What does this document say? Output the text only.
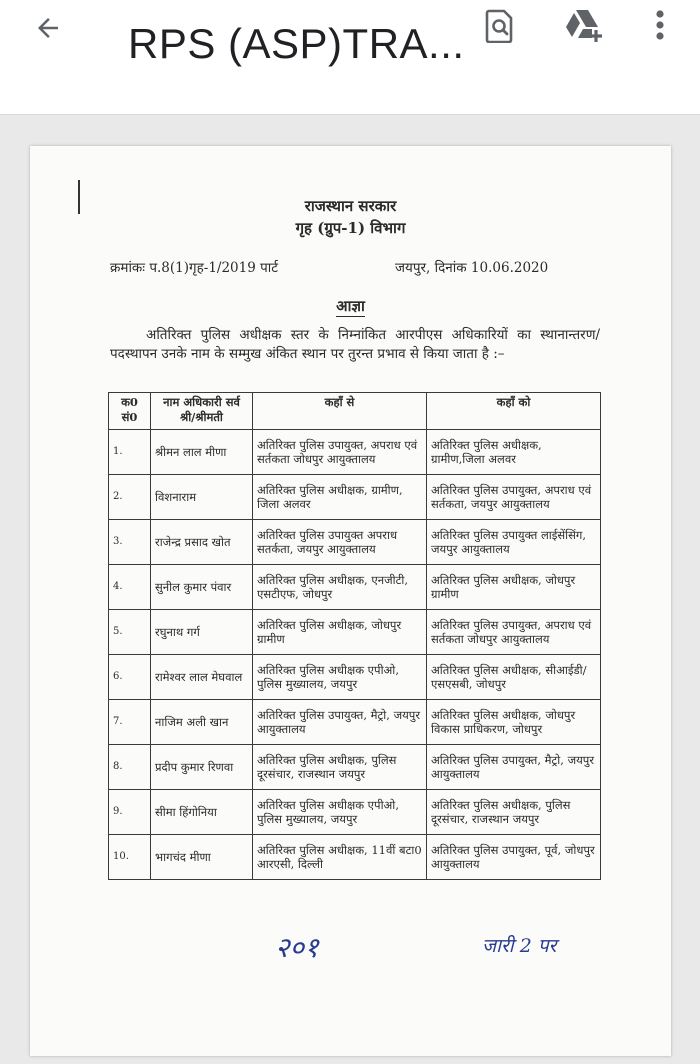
RPS (ASP)TRA...
राजस्थान सरकार
गृह (ग्रुप-1) विभाग
क्रमांकः प.8(1)गृह-1/2019 पार्ट	जयपुर, दिनांक 10.06.2020
आज्ञा
अतिरिक्त पुलिस अधीक्षक स्तर के निम्नांकित आरपीएस अधिकारियों का स्थानान्तरण/पदस्थापन उनके नाम के सम्मुख अंकित स्थान पर तुरन्त प्रभाव से किया जाता है :–
क0 सं0	नाम अधिकारी सर्व श्री/श्रीमती	कहाँ से	कहाँ को
1.	श्रीमन लाल मीणा	अतिरिक्त पुलिस उपायुक्त, अपराध एवं सर्तकता जोधपुर आयुक्तालय	अतिरिक्त पुलिस अधीक्षक, ग्रामीण,जिला अलवर
2.	विशनाराम	अतिरिक्त पुलिस अधीक्षक, ग्रामीण, जिला अलवर	अतिरिक्त पुलिस उपायुक्त, अपराध एवं सर्तकता, जयपुर आयुक्तालय
3.	राजेन्द्र प्रसाद खोत	अतिरिक्त पुलिस उपायुक्त अपराध सतर्कता, जयपुर आयुक्तालय	अतिरिक्त पुलिस उपायुक्त लाईसेंसिंग, जयपुर आयुक्तालय
4.	सुनील कुमार पंवार	अतिरिक्त पुलिस अधीक्षक, एनजीटी, एसटीएफ, जोधपुर	अतिरिक्त पुलिस अधीक्षक, जोधपुर ग्रामीण
5.	रघुनाथ गर्ग	अतिरिक्त पुलिस अधीक्षक, जोधपुर ग्रामीण	अतिरिक्त पुलिस उपायुक्त, अपराध एवं सर्तकता जोधपुर आयुक्तालय
6.	रामेश्वर लाल मेघवाल	अतिरिक्त पुलिस अधीक्षक एपीओ, पुलिस मुख्यालय, जयपुर	अतिरिक्त पुलिस अधीक्षक, सीआईडी/एसएसबी, जोधपुर
7.	नाजिम अली खान	अतिरिक्त पुलिस उपायुक्त, मैट्रो, जयपुर आयुक्तालय	अतिरिक्त पुलिस अधीक्षक, जोधपुर विकास प्राधिकरण, जोधपुर
8.	प्रदीप कुमार रिणवा	अतिरिक्त पुलिस अधीक्षक, पुलिस दूरसंचार, राजस्थान जयपुर	अतिरिक्त पुलिस उपायुक्त, मैट्रो, जयपुर आयुक्तालय
9.	सीमा हिंगोनिया	अतिरिक्त पुलिस अधीक्षक एपीओ, पुलिस मुख्यालय, जयपुर	अतिरिक्त पुलिस अधीक्षक, पुलिस दूरसंचार, राजस्थान जयपुर
10.	भागचंद मीणा	अतिरिक्त पुलिस अधीक्षक, 11वीं बटा0 आरएसी, दिल्ली	अतिरिक्त पुलिस उपायुक्त, पूर्व, जोधपुर आयुक्तालय
२०१	जारी 2 पर
